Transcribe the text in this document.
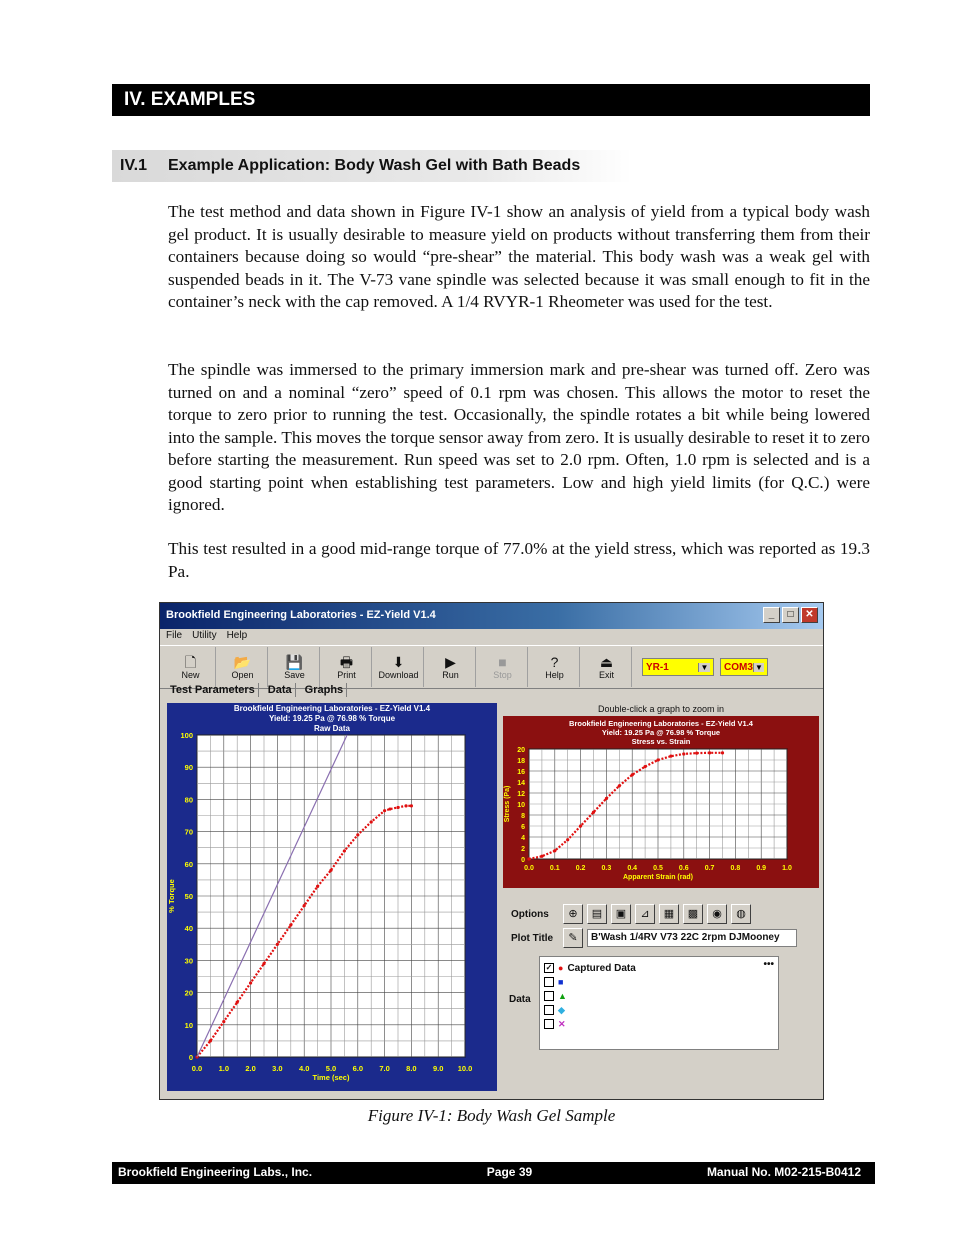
IV. EXAMPLES
IV.1 Example Application: Body Wash Gel with Bath Beads

The test method and data shown in Figure IV-1 show an analysis of yield from a typical body wash gel product. It is usually desirable to measure yield on products without transferring them from their containers because doing so would “pre-shear” the material. This body wash was a weak gel with suspended beads in it. The V-73 vane spindle was selected because it was small enough to fit in the container’s neck with the cap removed. A 1/4 RVYR-1 Rheometer was used for the test.

The spindle was immersed to the primary immersion mark and pre-shear was turned off. Zero was turned on and a nominal “zero” speed of 0.1 rpm was chosen. This allows the motor to reset the torque to zero prior to running the test. Occasionally, the spindle rotates a bit while being lowered into the sample. This moves the torque sensor away from zero. It is usually desirable to reset it to zero before starting the measurement. Run speed was set to 2.0 rpm. Often, 1.0 rpm is selected and is a good starting point when establishing test parameters. Low and high yield limits (for Q.C.) were ignored.

This test resulted in a good mid-range torque of 77.0% at the yield stress, which was reported as 19.3 Pa.

Brookfield Engineering Laboratories - EZ-Yield V1.4	_	□	✕
File Utility Help
🗋
New
📂
Open
💾
Save
🖶
Print
⬇
Download
▶
Run
■
Stop
?
Help
⏏
Exit
YR-1	▼ COM3 ▼
Test Parameters	Data	Graphs
Brookfield Engineering Laboratories - EZ-Yield V1.4
Yield: 19.25 Pa @ 76.98 % Torque
Raw Data
0.0 1.0 2.0 3.0 4.0 5.0 6.0 7.0 8.0 9.0 10.0
0
10
20
30
40
50
60
70
80
90
100
Time (sec)
% Torque
Double-click a graph to zoom in
Brookfield Engineering Laboratories - EZ-Yield V1.4
Yield: 19.25 Pa @ 76.98 % Torque
Stress vs. Strain
0.0 0.1 0.2 0.3 0.4 0.5 0.6 0.7 0.8 0.9 1.0
0
2
4
6
8
10
12
14
16
18
20
Apparent Strain (rad)
Stress (Pa)
Options	⊕	▤	▣	⊿	▦	▩	◉	◍
Plot Title	✎	B'Wash 1/4RV V73 22C 2rpm DJMooney
Data
•••
✓ ● Captured Data
■
▲
◆
✕
Figure IV-1: Body Wash Gel Sample
Brookfield Engineering Labs., Inc.	Page 39	Manual No. M02-215-B0412
